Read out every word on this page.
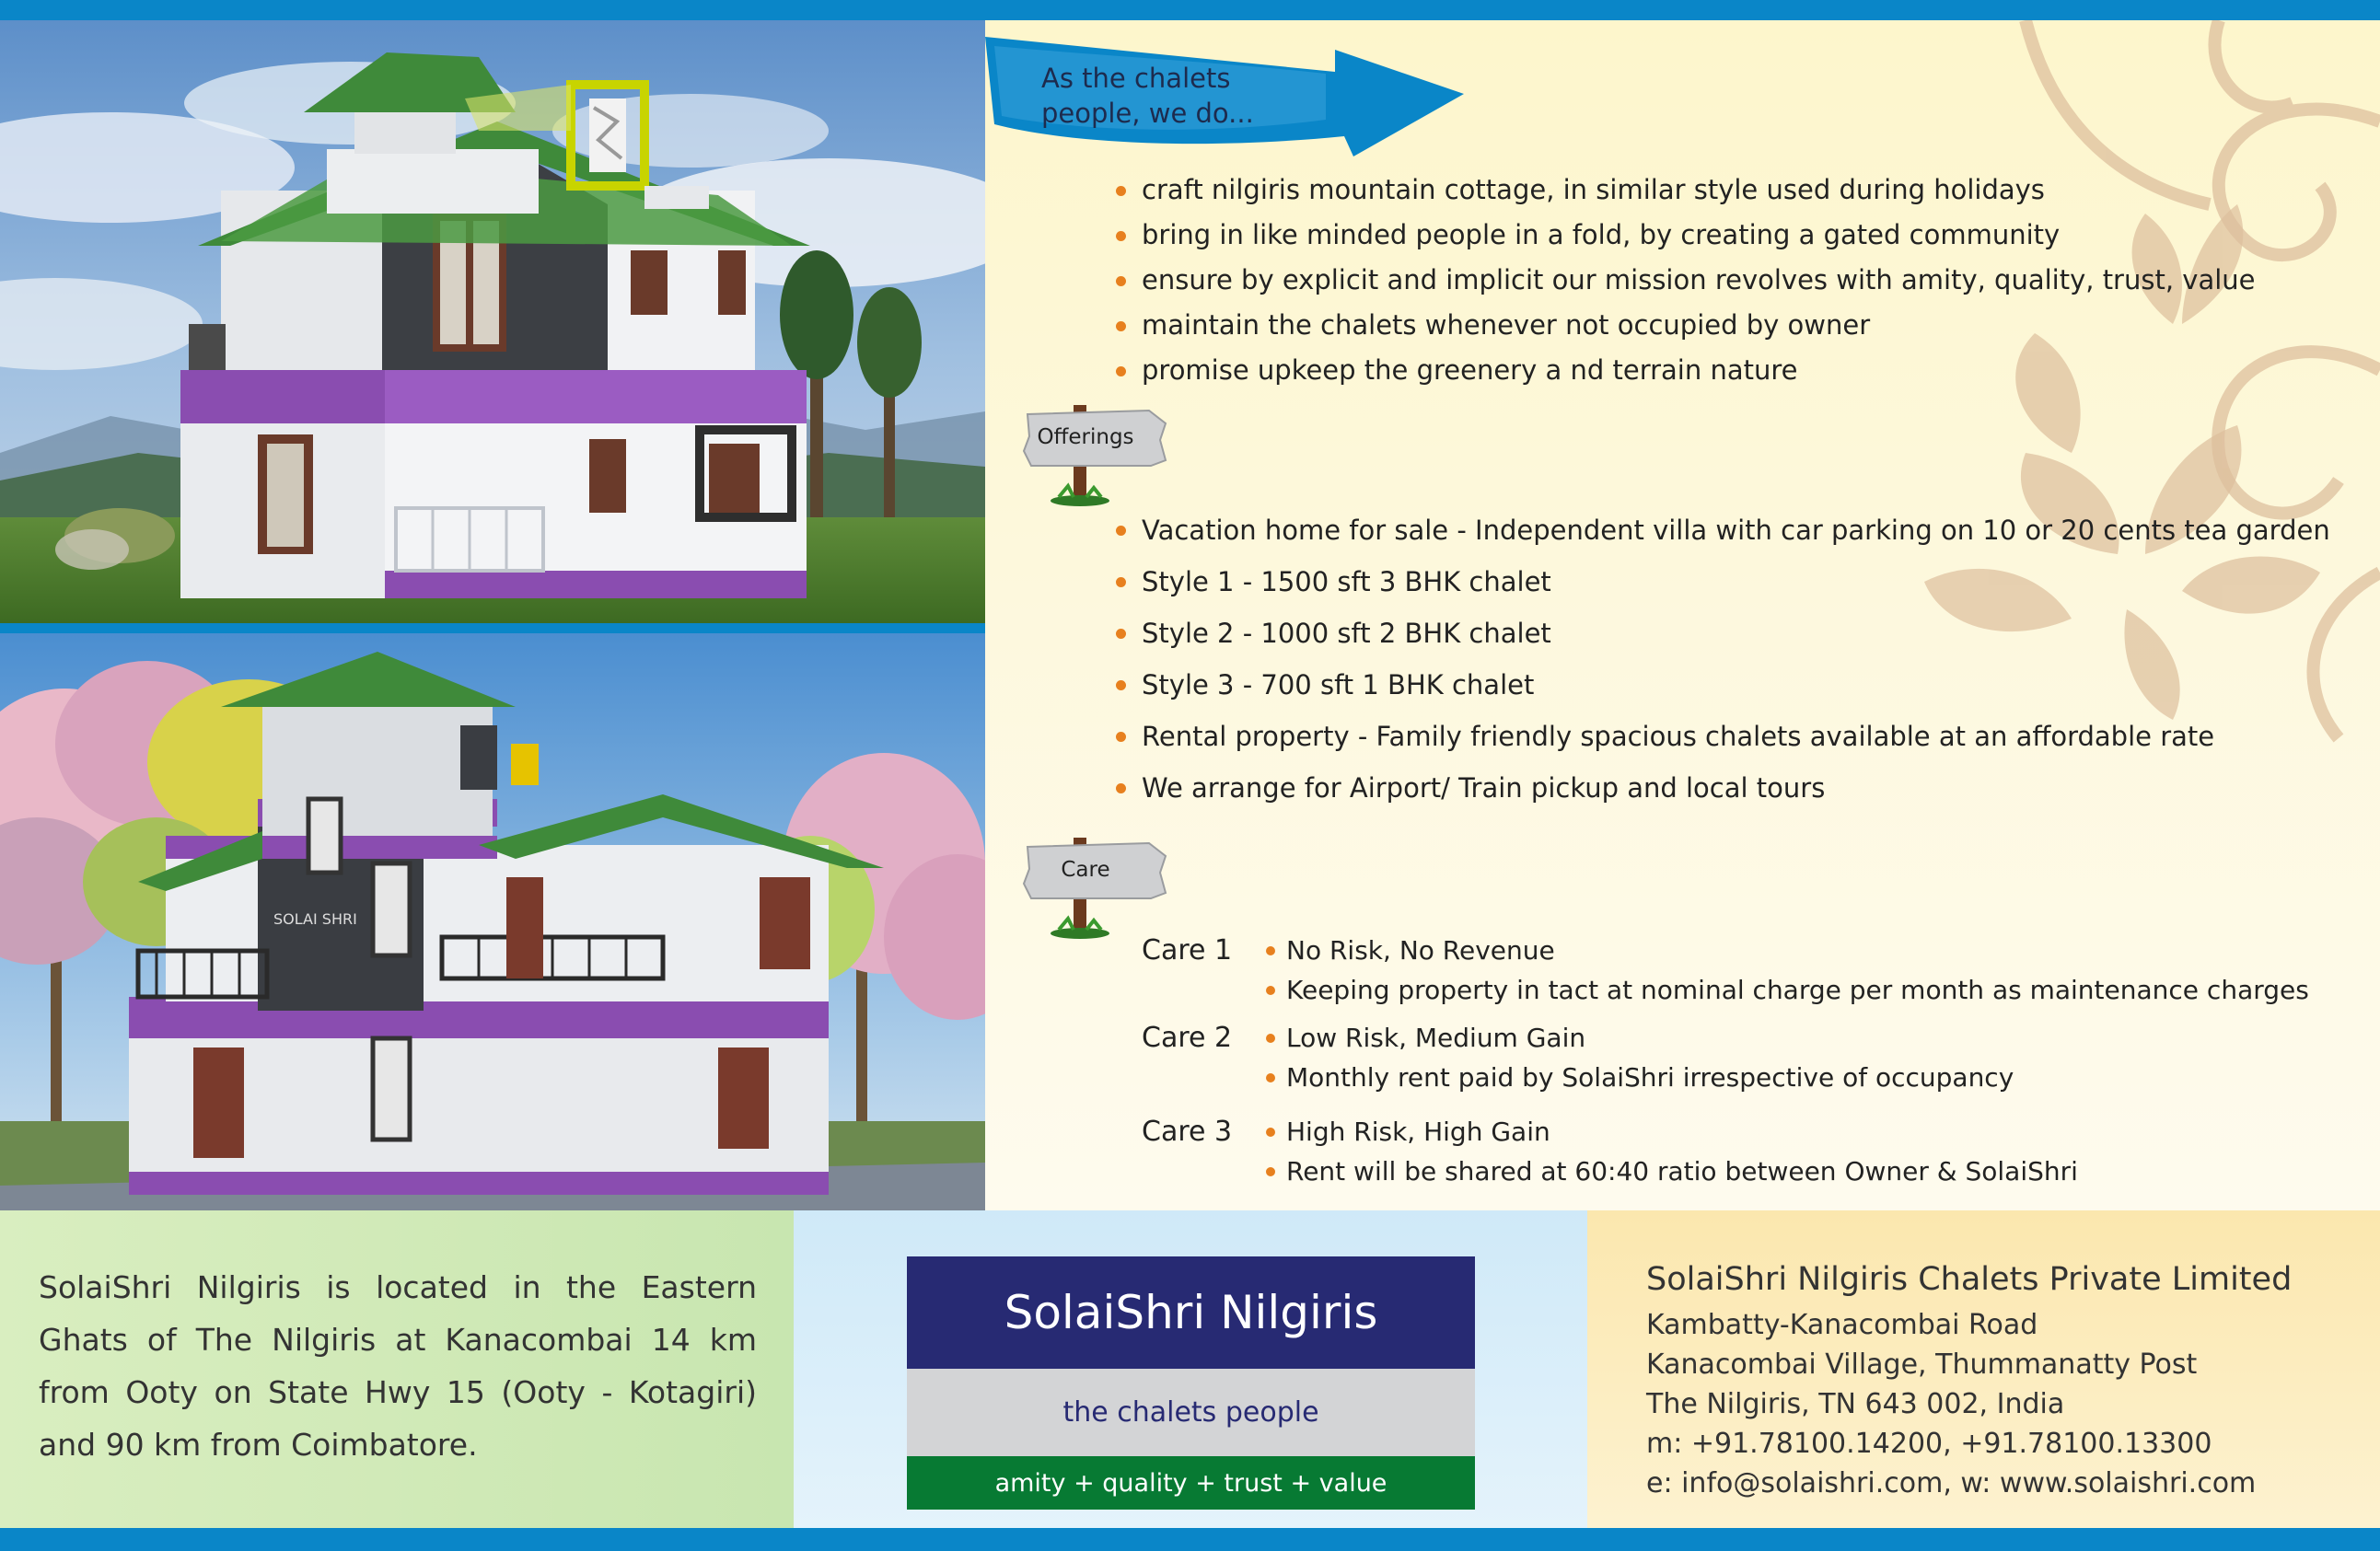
SOLAI SHRI
As the chalets
people, we do...
craft nilgiris mountain cottage, in similar style used during holidays
bring in like minded people in a fold, by creating a gated community
ensure by explicit and implicit our mission revolves with amity, quality, trust, value
maintain the chalets whenever not occupied by owner
promise upkeep the greenery a nd terrain nature
Offerings
Vacation home for sale - Independent villa with car parking on 10 or 20 cents tea garden
Style 1 - 1500 sft 3 BHK chalet
Style 2 - 1000 sft 2 BHK chalet
Style 3 - 700 sft 1 BHK chalet
Rental property - Family friendly spacious chalets available at an affordable rate
We arrange for Airport/ Train pickup and local tours
Care
Care 1	No Risk, No Revenue
Keeping property in tact at nominal charge per month as maintenance charges
Care 2	Low Risk, Medium Gain
Monthly rent paid by SolaiShri irrespective of occupancy
Care 3	High Risk, High Gain
Rent will be shared at 60:40 ratio between Owner & SolaiShri

SolaiShri Nilgiris is located in the Eastern Ghats of The Nilgiris at Kanacombai 14 km from Ooty on State Hwy 15 (Ooty - Kotagiri) and 90 km from Coimbatore.

SolaiShri Nilgiris
the chalets people
amity + quality + trust + value
SolaiShri Nilgiris Chalets Private Limited
Kambatty-Kanacombai Road
Kanacombai Village, Thummanatty Post
The Nilgiris, TN 643 002, India
m: +91.78100.14200, +91.78100.13300
e: info@solaishri.com, w: www.solaishri.com
